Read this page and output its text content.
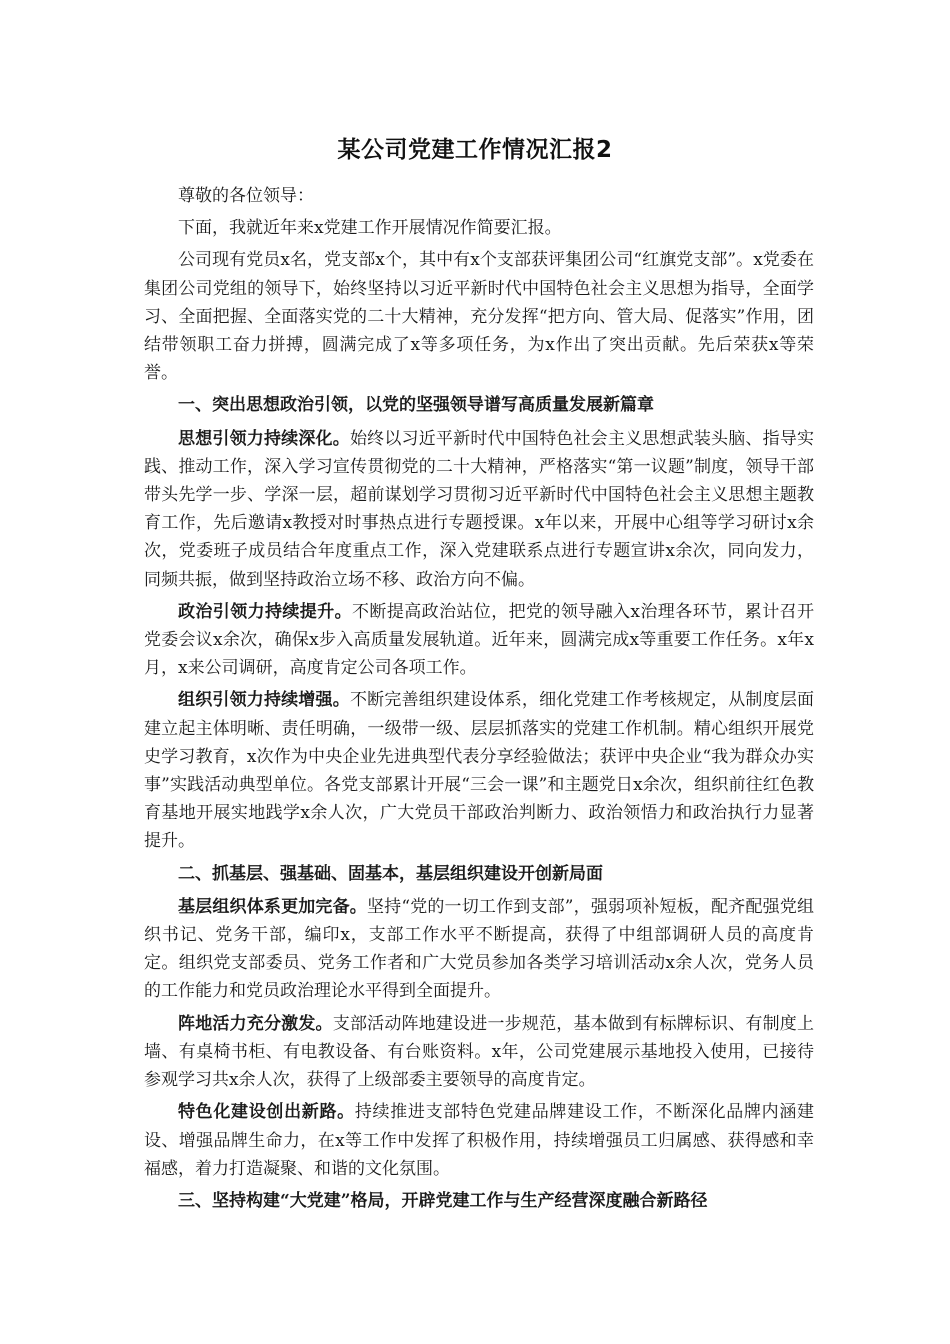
某公司党建工作情况汇报2

尊敬的各位领导：

下面，我就近年来x党建工作开展情况作简要汇报。

公司现有党员x名，党支部x个，其中有x个支部获评集团公司“红旗党支部”。x党委在集团公司党组的领导下，始终坚持以习近平新时代中国特色社会主义思想为指导，全面学习、全面把握、全面落实党的二十大精神，充分发挥“把方向、管大局、促落实”作用，团结带领职工奋力拼搏，圆满完成了x等多项任务，为x作出了突出贡献。先后荣获x等荣誉。

一、突出思想政治引领，以党的坚强领导谱写高质量发展新篇章

思想引领力持续深化。始终以习近平新时代中国特色社会主义思想武装头脑、指导实践、推动工作，深入学习宣传贯彻党的二十大精神，严格落实“第一议题”制度，领导干部带头先学一步、学深一层，超前谋划学习贯彻习近平新时代中国特色社会主义思想主题教育工作，先后邀请x教授对时事热点进行专题授课。x年以来，开展中心组等学习研讨x余次，党委班子成员结合年度重点工作，深入党建联系点进行专题宣讲x余次，同向发力，同频共振，做到坚持政治立场不移、政治方向不偏。

政治引领力持续提升。不断提高政治站位，把党的领导融入x治理各环节，累计召开党委会议x余次，确保x步入高质量发展轨道。近年来，圆满完成x等重要工作任务。x年x月，x来公司调研，高度肯定公司各项工作。

组织引领力持续增强。不断完善组织建设体系，细化党建工作考核规定，从制度层面建立起主体明晰、责任明确，一级带一级、层层抓落实的党建工作机制。精心组织开展党史学习教育，x次作为中央企业先进典型代表分享经验做法；获评中央企业“我为群众办实事”实践活动典型单位。各党支部累计开展“三会一课”和主题党日x余次，组织前往红色教育基地开展实地践学x余人次，广大党员干部政治判断力、政治领悟力和政治执行力显著提升。

二、抓基层、强基础、固基本，基层组织建设开创新局面

基层组织体系更加完备。坚持“党的一切工作到支部”，强弱项补短板，配齐配强党组织书记、党务干部，编印x，支部工作水平不断提高，获得了中组部调研人员的高度肯定。组织党支部委员、党务工作者和广大党员参加各类学习培训活动x余人次，党务人员的工作能力和党员政治理论水平得到全面提升。

阵地活力充分激发。支部活动阵地建设进一步规范，基本做到有标牌标识、有制度上墙、有桌椅书柜、有电教设备、有台账资料。x年，公司党建展示基地投入使用，已接待参观学习共x余人次，获得了上级部委主要领导的高度肯定。

特色化建设创出新路。持续推进支部特色党建品牌建设工作，不断深化品牌内涵建设、增强品牌生命力，在x等工作中发挥了积极作用，持续增强员工归属感、获得感和幸福感，着力打造凝聚、和谐的文化氛围。

三、坚持构建“大党建”格局，开辟党建工作与生产经营深度融合新路径
